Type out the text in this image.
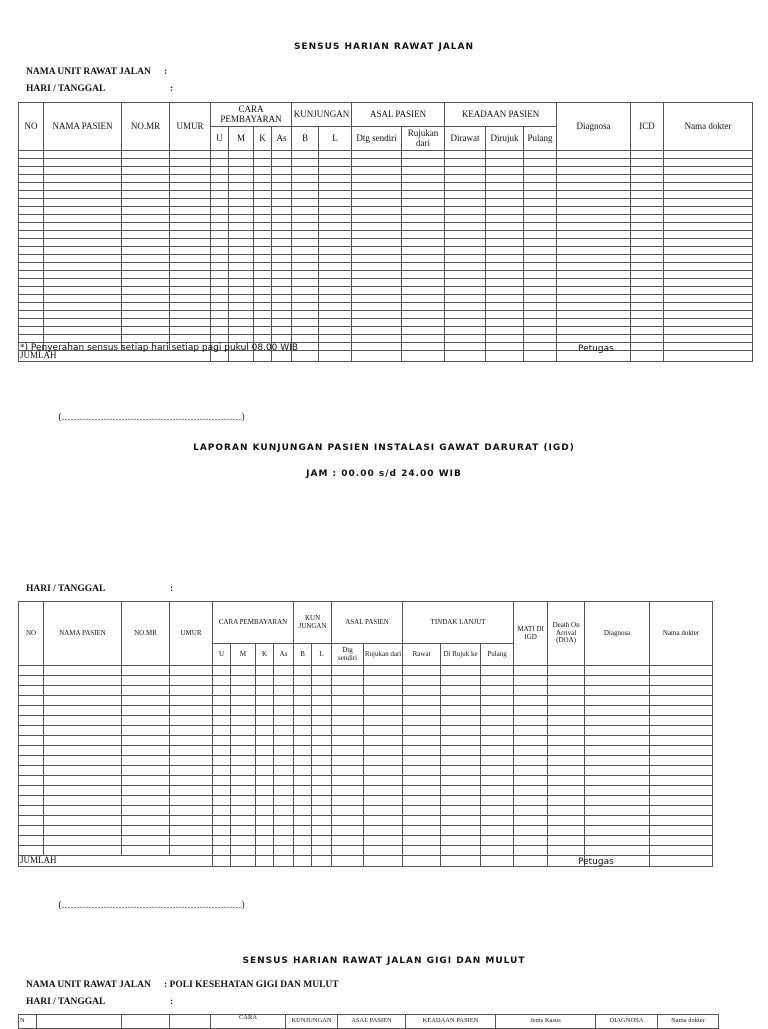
SENSUS HARIAN RAWAT JALAN
NAMA UNIT RAWAT JALAN :
HARI / TANGGAL	:
NO	NAMA PASIEN	NO.MR	UMUR	CARA PEMBAYARAN				KUNJUNGAN		ASAL PASIEN		KEADAAN PASIEN			Diagnosa	ICD	Nama dokter
				U	M	K	As	B	L	Dtg sendiri	Rujukan dari	Dirawat	Dirujuk	Pulang			

JUMLAH																	
*) Penyerahan sensus setiap hari setiap pagi pukul 08.00 WIB	Petugas
(……………………………………………………)
LAPORAN KUNJUNGAN PASIEN INSTALASI GAWAT DARURAT (IGD)
JAM : 00.00 s/d 24.00 WIB
HARI / TANGGAL	:
NO	NAMA PASIEN	NO.MR	UMUR	CARA PEMBAYARAN				KUN JUNGAN		ASAL PASIEN		TINDAK LANJUT			MATI DI IGD	Death On Arrival (DOA)	Diagnosa	Nama dokter
				U	M	K	As	B	L	Dtg sendiri	Rujukan dari	Rawat	Di Rujuk ke	Pulang				

JUMLAH																			Petugas
(……………………………………………………)
SENSUS HARIAN RAWAT JALAN GIGI DAN MULUT
NAMA UNIT RAWAT JALAN : POLI KESEHATAN GIGI DAN MULUT
HARI / TANGGAL	:
N				CARA	KUNJUNGAN	ASAL PASIEN	KEADAAN PASIEN	Jenis Kasus	DIAGNOSA	Nama dokter
